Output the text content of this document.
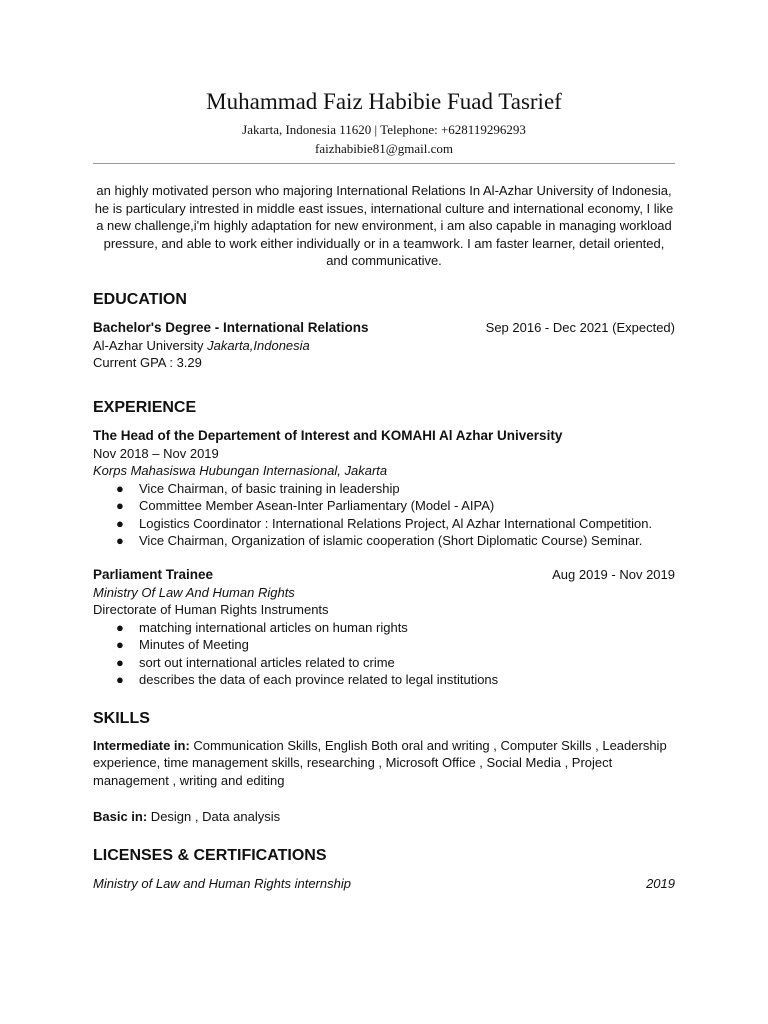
Muhammad Faiz Habibie Fuad Tasrief
Jakarta, Indonesia 11620 | Telephone: +628119296293
faizhabibie81@gmail.com
an highly motivated person who majoring International Relations In Al-Azhar University of Indonesia, he is particulary intrested in middle east issues, international culture and international economy, I like a new challenge,i'm highly adaptation for new environment, i am also capable in managing workload pressure, and able to work either individually or in a teamwork. I am faster learner, detail oriented, and communicative.
EDUCATION
Bachelor's Degree - International Relations	Sep 2016 - Dec 2021 (Expected)
Al-Azhar University Jakarta,Indonesia
Current GPA : 3.29
EXPERIENCE
The Head of the Departement of Interest and KOMAHI Al Azhar University
Nov 2018 – Nov 2019
Korps Mahasiswa Hubungan Internasional, Jakarta
● Vice Chairman, of basic training in leadership
● Committee Member Asean-Inter Parliamentary (Model - AIPA)
● Logistics Coordinator : International Relations Project, Al Azhar International Competition.
● Vice Chairman, Organization of islamic cooperation (Short Diplomatic Course) Seminar.
Parliament Trainee	Aug 2019 - Nov 2019
Ministry Of Law And Human Rights
Directorate of Human Rights Instruments
● matching international articles on human rights
● Minutes of Meeting
● sort out international articles related to crime
● describes the data of each province related to legal institutions
SKILLS
Intermediate in: Communication Skills, English Both oral and writing , Computer Skills , Leadership experience, time management skills, researching , Microsoft Office , Social Media , Project management , writing and editing
Basic in: Design , Data analysis
LICENSES & CERTIFICATIONS
Ministry of Law and Human Rights internship	2019
